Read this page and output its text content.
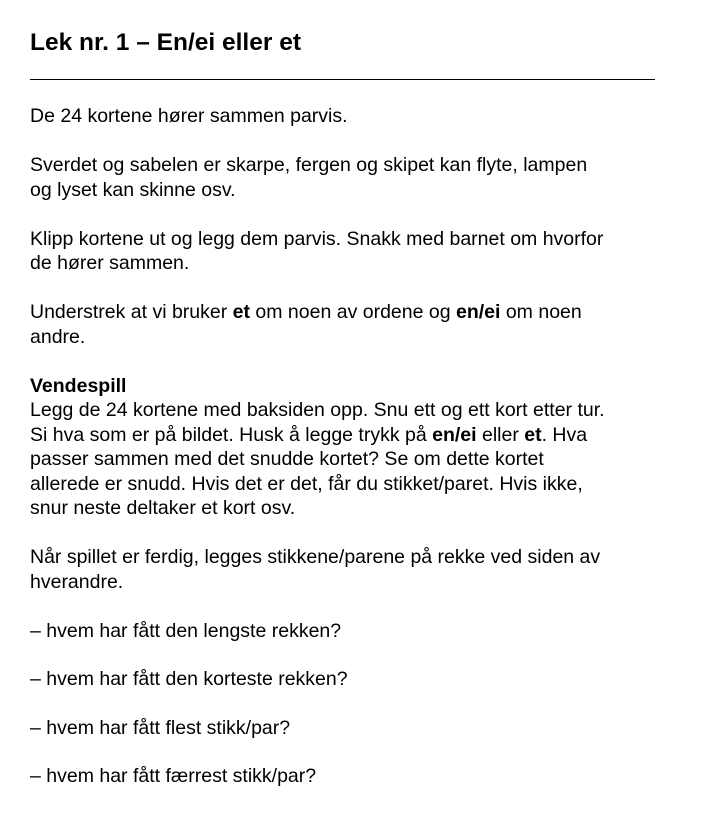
Lek nr. 1 – En/ei eller et

De 24 kortene hører sammen parvis.

Sverdet og sabelen er skarpe, fergen og skipet kan flyte, lampen
og lyset kan skinne osv.

Klipp kortene ut og legg dem parvis. Snakk med barnet om hvorfor
de hører sammen.

Understrek at vi bruker et om noen av ordene og en/ei om noen
andre.

Vendespill
Legg de 24 kortene med baksiden opp. Snu ett og ett kort etter tur.
Si hva som er på bildet. Husk å legge trykk på en/ei eller et. Hva
passer sammen med det snudde kortet? Se om dette kortet
allerede er snudd. Hvis det er det, får du stikket/paret. Hvis ikke,
snur neste deltaker et kort osv.

Når spillet er ferdig, legges stikkene/parene på rekke ved siden av
hverandre.

– hvem har fått den lengste rekken?

– hvem har fått den korteste rekken?

– hvem har fått flest stikk/par?

– hvem har fått færrest stikk/par?
